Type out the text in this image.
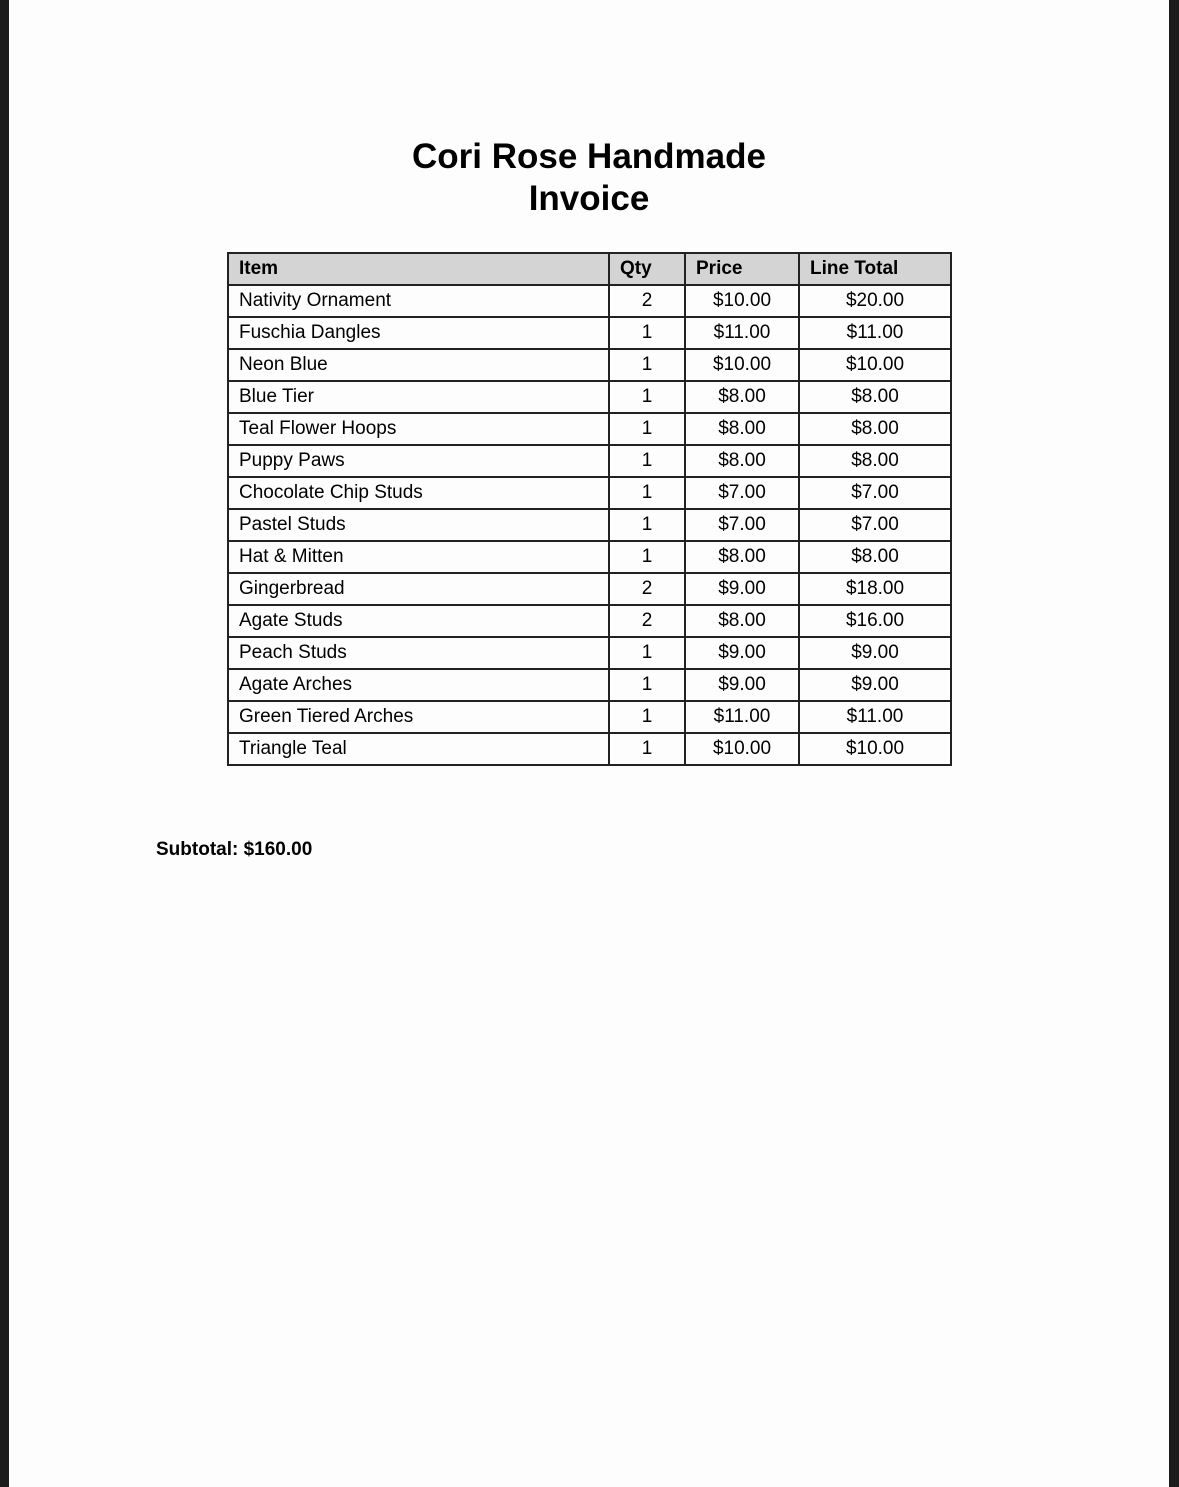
Cori Rose Handmade
Invoice
Item	Qty	Price	Line Total
Nativity Ornament	2	$10.00	$20.00
Fuschia Dangles	1	$11.00	$11.00
Neon Blue	1	$10.00	$10.00
Blue Tier	1	$8.00	$8.00
Teal Flower Hoops	1	$8.00	$8.00
Puppy Paws	1	$8.00	$8.00
Chocolate Chip Studs	1	$7.00	$7.00
Pastel Studs	1	$7.00	$7.00
Hat & Mitten	1	$8.00	$8.00
Gingerbread	2	$9.00	$18.00
Agate Studs	2	$8.00	$16.00
Peach Studs	1	$9.00	$9.00
Agate Arches	1	$9.00	$9.00
Green Tiered Arches	1	$11.00	$11.00
Triangle Teal	1	$10.00	$10.00
Subtotal: $160.00
